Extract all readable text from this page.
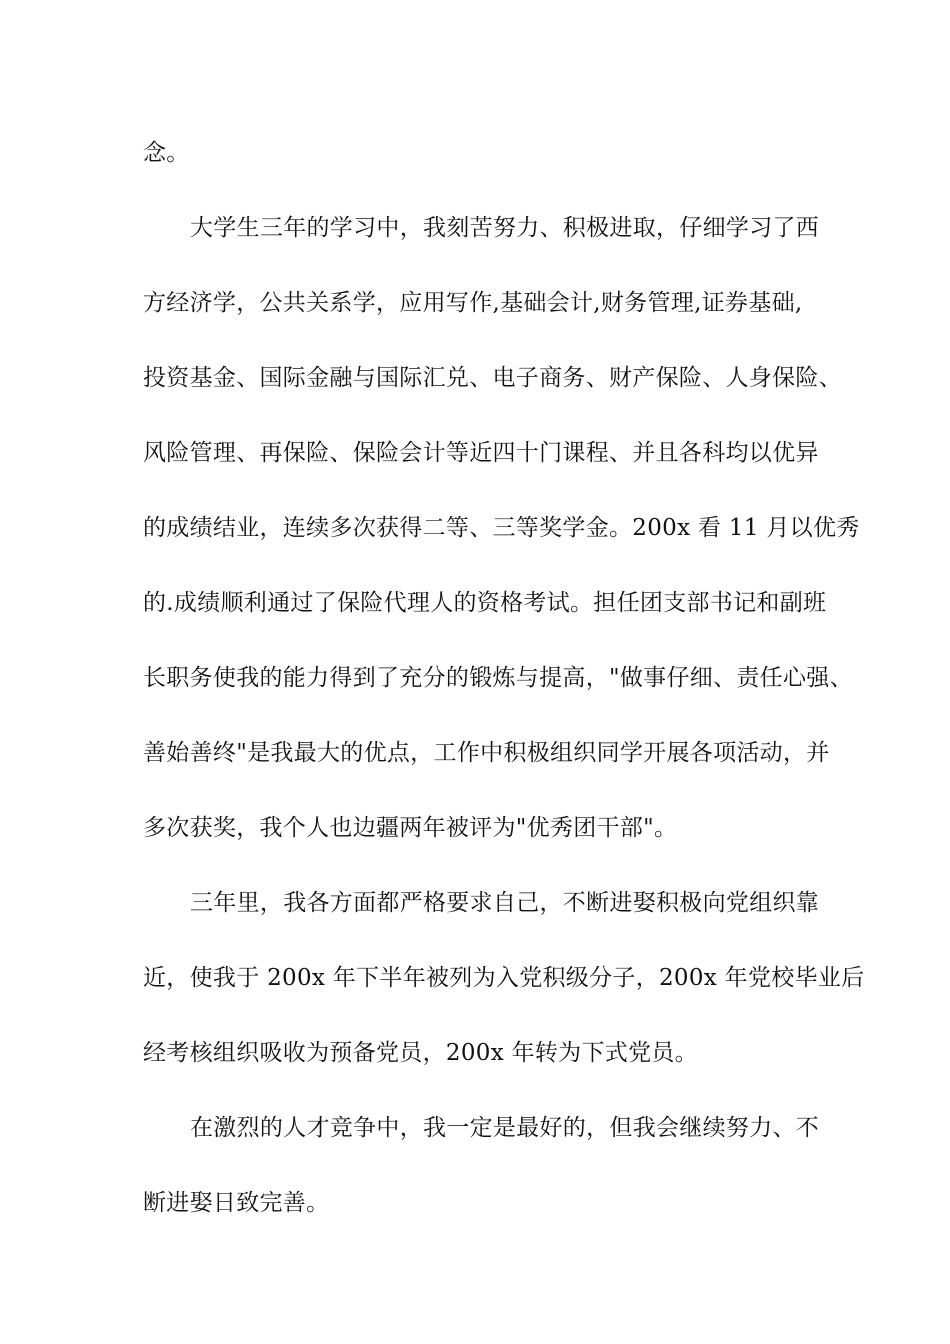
念。
大学生三年的学习中，我刻苦努力、积极进取，仔细学习了西
方经济学，公共关系学，应用写作,基础会计,财务管理,证券基础,
投资基金、国际金融与国际汇兑、电子商务、财产保险、人身保险、
风险管理、再保险、保险会计等近四十门课程、并且各科均以优异
的成绩结业，连续多次获得二等、三等奖学金。200x 看 11 月以优秀
的.成绩顺利通过了保险代理人的资格考试。担任团支部书记和副班
长职务使我的能力得到了充分的锻炼与提高，"做事仔细、责任心强、
善始善终"是我最大的优点，工作中积极组织同学开展各项活动，并
多次获奖，我个人也边疆两年被评为"优秀团干部"。
三年里，我各方面都严格要求自己，不断进娶积极向党组织靠
近，使我于 200x 年下半年被列为入党积级分子，200x 年党校毕业后
经考核组织吸收为预备党员，200x 年转为下式党员。
在激烈的人才竞争中，我一定是最好的，但我会继续努力、不
断进娶日致完善。
